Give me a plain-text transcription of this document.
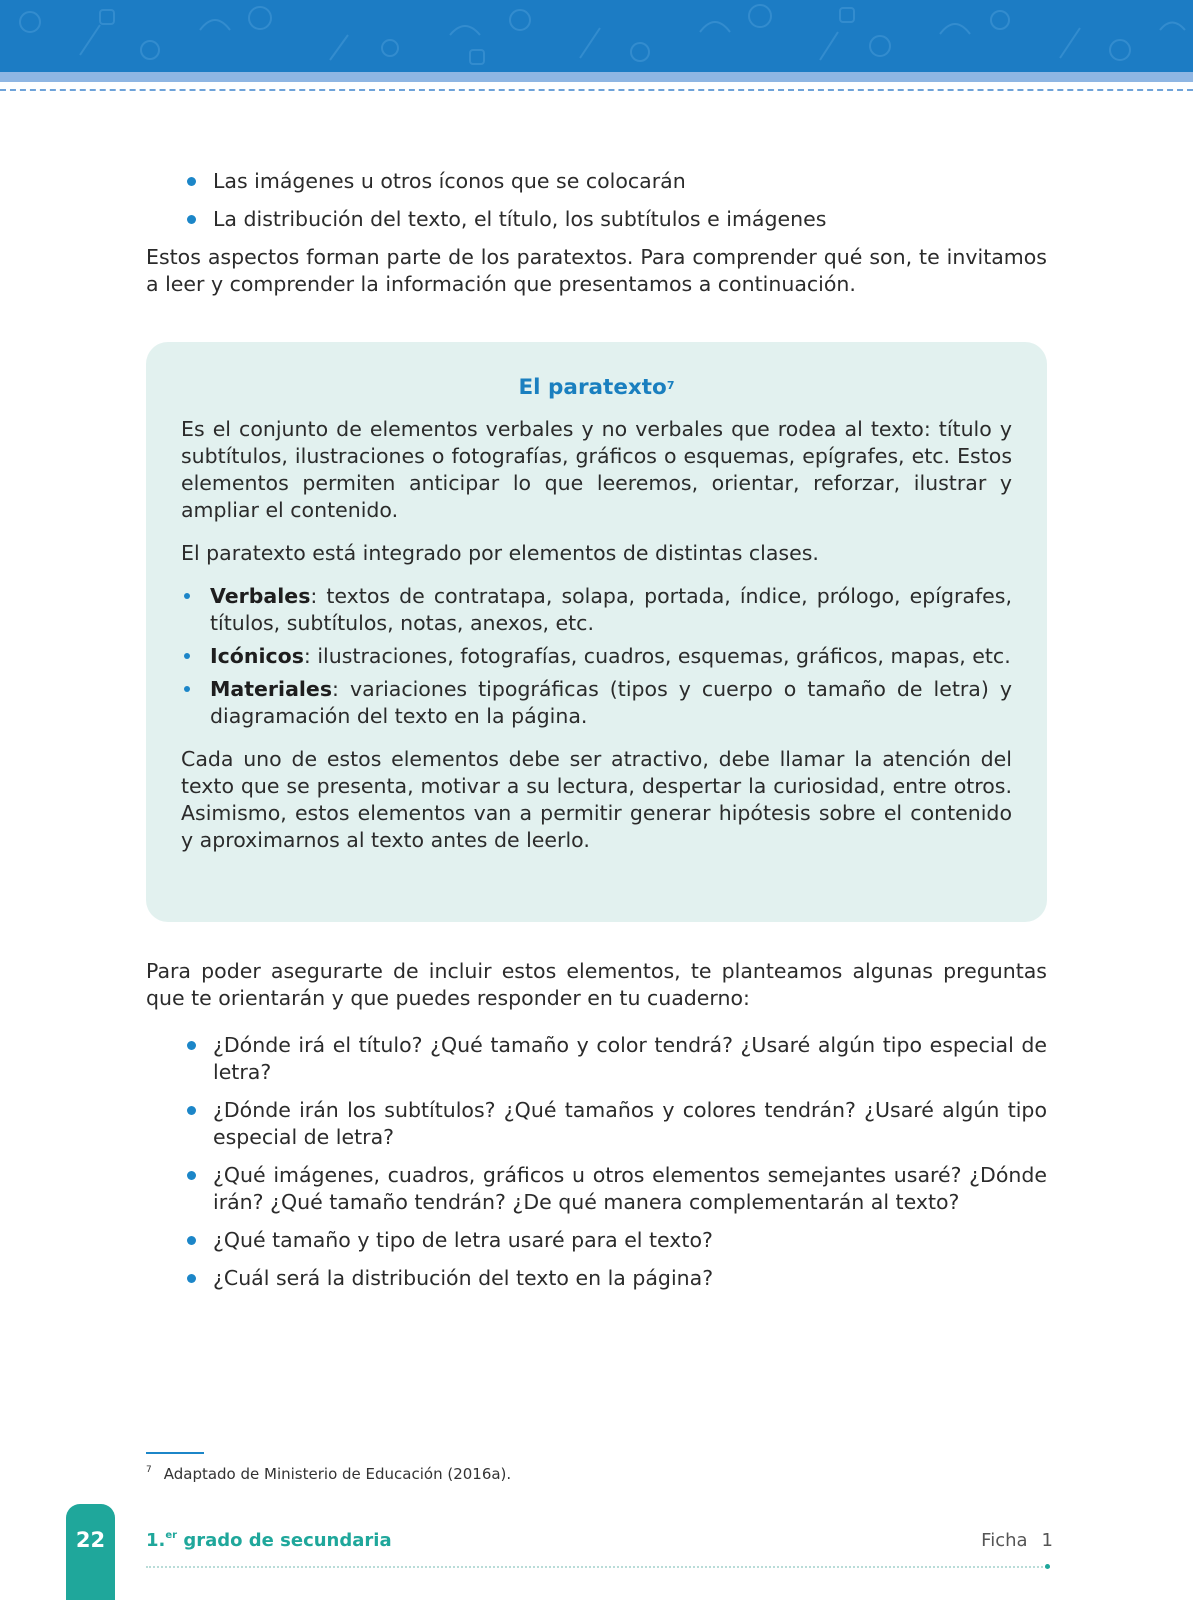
Las imágenes u otros íconos que se colocarán
La distribución del texto, el título, los subtítulos e imágenes

Estos aspectos forman parte de los paratextos. Para comprender qué son, te invitamos a leer y comprender la información que presentamos a continuación.

El paratexto$^7$

Es el conjunto de elementos verbales y no verbales que rodea al texto: título y subtítulos, ilustraciones o fotografías, gráficos o esquemas, epígrafes, etc. Estos elementos permiten anticipar lo que leeremos, orientar, reforzar, ilustrar y ampliar el contenido.

El paratexto está integrado por elementos de distintas clases.

Verbales: textos de contratapa, solapa, portada, índice, prólogo, epígrafes, títulos, subtítulos, notas, anexos, etc.
Icónicos: ilustraciones, fotografías, cuadros, esquemas, gráficos, mapas, etc.
Materiales: variaciones tipográficas (tipos y cuerpo o tamaño de letra) y diagramación del texto en la página.

Cada uno de estos elementos debe ser atractivo, debe llamar la atención del texto que se presenta, motivar a su lectura, despertar la curiosidad, entre otros. Asimismo, estos elementos van a permitir generar hipótesis sobre el contenido y aproximarnos al texto antes de leerlo.

Para poder asegurarte de incluir estos elementos, te planteamos algunas preguntas que te orientarán y que puedes responder en tu cuaderno:

¿Dónde irá el título? ¿Qué tamaño y color tendrá? ¿Usaré algún tipo especial de letra?
¿Dónde irán los subtítulos? ¿Qué tamaños y colores tendrán? ¿Usaré algún tipo especial de letra?
¿Qué imágenes, cuadros, gráficos u otros elementos semejantes usaré? ¿Dónde irán? ¿Qué tamaño tendrán? ¿De qué manera complementarán al texto?
¿Qué tamaño y tipo de letra usaré para el texto?
¿Cuál será la distribución del texto en la página?
$^7$ Adaptado de Ministerio de Educación (2016a).
22	1.$^{er}$ grado de secundaria	Ficha 1
